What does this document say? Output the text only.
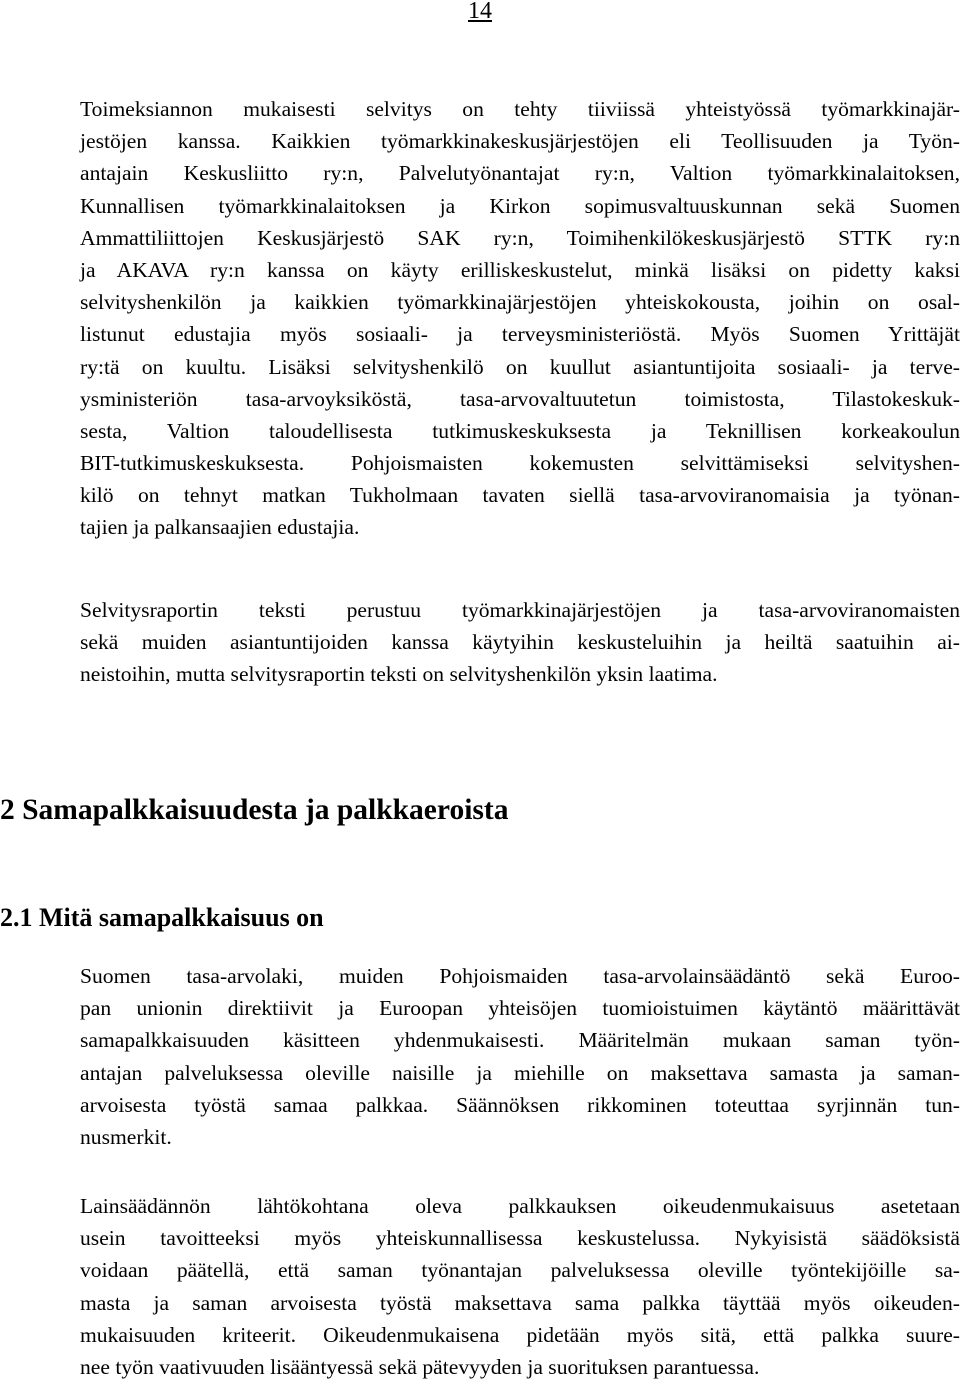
14
Toimeksiannon mukaisesti selvitys on tehty tiiviissä yhteistyössä työmarkkinajär-
jestöjen kanssa. Kaikkien työmarkkinakeskusjärjestöjen eli Teollisuuden ja Työn-
antajain Keskusliitto ry:n, Palvelutyönantajat ry:n, Valtion työmarkkinalaitoksen,
Kunnallisen työmarkkinalaitoksen ja Kirkon sopimusvaltuuskunnan sekä Suomen
Ammattiliittojen Keskusjärjestö SAK ry:n, Toimihenkilökeskusjärjestö STTK ry:n
ja AKAVA ry:n kanssa on käyty erilliskeskustelut, minkä lisäksi on pidetty kaksi
selvityshenkilön ja kaikkien työmarkkinajärjestöjen yhteiskokousta, joihin on osal-
listunut edustajia myös sosiaali- ja terveysministeriöstä. Myös Suomen Yrittäjät
ry:tä on kuultu. Lisäksi selvityshenkilö on kuullut asiantuntijoita sosiaali- ja terve-
ysministeriön tasa-arvoyksiköstä, tasa-arvovaltuutetun toimistosta, Tilastokeskuk-
sesta, Valtion taloudellisesta tutkimuskeskuksesta ja Teknillisen korkeakoulun
BIT-tutkimuskeskuksesta. Pohjoismaisten kokemusten selvittämiseksi selvityshen-
kilö on tehnyt matkan Tukholmaan tavaten siellä tasa-arvoviranomaisia ja työnan-
tajien ja palkansaajien edustajia.
Selvitysraportin teksti perustuu työmarkkinajärjestöjen ja tasa-arvoviranomaisten
sekä muiden asiantuntijoiden kanssa käytyihin keskusteluihin ja heiltä saatuihin ai-
neistoihin, mutta selvitysraportin teksti on selvityshenkilön yksin laatima.
2 Samapalkkaisuudesta ja palkkaeroista
2.1 Mitä samapalkkaisuus on
Suomen tasa-arvolaki, muiden Pohjoismaiden tasa-arvolainsäädäntö sekä Euroo-
pan unionin direktiivit ja Euroopan yhteisöjen tuomioistuimen käytäntö määrittävät
samapalkkaisuuden käsitteen yhdenmukaisesti. Määritelmän mukaan saman työn-
antajan palveluksessa oleville naisille ja miehille on maksettava samasta ja saman-
arvoisesta työstä samaa palkkaa. Säännöksen rikkominen toteuttaa syrjinnän tun-
nusmerkit.
Lainsäädännön lähtökohtana oleva palkkauksen oikeudenmukaisuus asetetaan
usein tavoitteeksi myös yhteiskunnallisessa keskustelussa. Nykyisistä säädöksistä
voidaan päätellä, että saman työnantajan palveluksessa oleville työntekijöille sa-
masta ja saman arvoisesta työstä maksettava sama palkka täyttää myös oikeuden-
mukaisuuden kriteerit. Oikeudenmukaisena pidetään myös sitä, että palkka suure-
nee työn vaativuuden lisääntyessä sekä pätevyyden ja suorituksen parantuessa.
